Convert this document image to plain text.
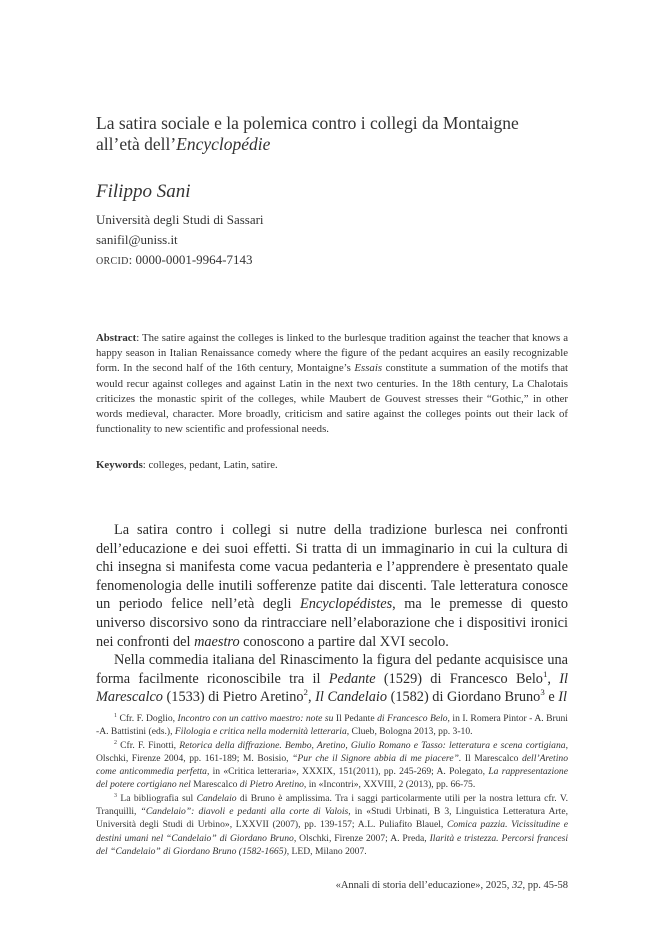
La satira sociale e la polemica contro i collegi da Montaigne
all’età dell’Encyclopédie
Filippo Sani
Università degli Studi di Sassari
sanifil@uniss.it
ORCID: 0000-0001-9964-7143
Abstract: The satire against the colleges is linked to the burlesque tradition against the teacher that knows a happy season in Italian Renaissance comedy where the figure of the pedant acquires an easily recognizable form. In the second half of the 16th century, Montaigne’s Essais constitute a summation of the motifs that would recur against colleges and against Latin in the next two centuries. In the 18th century, La Chalotais criticizes the monastic spirit of the colleges, while Maubert de Gouvest stresses their “Gothic,” in other words medieval, character. More broadly, criticism and satire against the colleges points out their lack of functionality to new scientific and professional needs.
Keywords: colleges, pedant, Latin, satire.

La satira contro i collegi si nutre della tradizione burlesca nei confronti dell’educazione e dei suoi effetti. Si tratta di un immaginario in cui la cultura di chi insegna si manifesta come vacua pedanteria e l’apprendere è presentato quale fenomenologia delle inutili sofferenze patite dai discenti. Tale letteratura conosce un periodo felice nell’età degli Encyclopédistes, ma le premesse di questo universo discorsivo sono da rintracciare nell’elaborazione che i dispositivi ironici nei confronti del maestro conoscono a partire dal XVI secolo.

Nella commedia italiana del Rinascimento la figura del pedante acquisisce una forma facilmente riconoscibile tra il Pedante (1529) di Francesco Belo$^1$, Il Marescalco (1533) di Pietro Aretino$^2$, Il Candelaio (1582) di Giordano Bruno$^3$ e Il

$^1$ Cfr. F. Doglio, Incontro con un cattivo maestro: note su Il Pedante di Francesco Belo, in I. Romera Pintor - A. Bruni -A. Battistini (eds.), Filologia e critica nella modernità letteraria, Clueb, Bologna 2013, pp. 3-10.

$^2$ Cfr. F. Finotti, Retorica della diffrazione. Bembo, Aretino, Giulio Romano e Tasso: letteratura e scena cortigiana, Olschki, Firenze 2004, pp. 161-189; M. Bosisio, “Pur che il Signore abbia di me piacere”. Il Marescalco dell’Aretino come anticommedia perfetta, in «Critica letteraria», XXXIX, 151(2011), pp. 245-269; A. Polegato, La rappresentazione del potere cortigiano nel Marescalco di Pietro Aretino, in «Incontri», XXVIII, 2 (2013), pp. 66-75.

$^3$ La bibliografia sul Candelaio di Bruno è amplissima. Tra i saggi particolarmente utili per la nostra lettura cfr. V. Tranquilli, “Candelaio”: diavoli e pedanti alla corte di Valois, in «Studi Urbinati, B 3, Linguistica Letteratura Arte, Università degli Studi di Urbino», LXXVII (2007), pp. 139-157; A.L. Puliafito Blauel, Comica pazzia. Vicissitudine e destini umani nel “Candelaio” di Giordano Bruno, Olschki, Firenze 2007; A. Preda, Ilarità e tristezza. Percorsi francesi del “Candelaio” di Giordano Bruno (1582-1665), LED, Milano 2007.

«Annali di storia dell’educazione», 2025, 32, pp. 45-58
